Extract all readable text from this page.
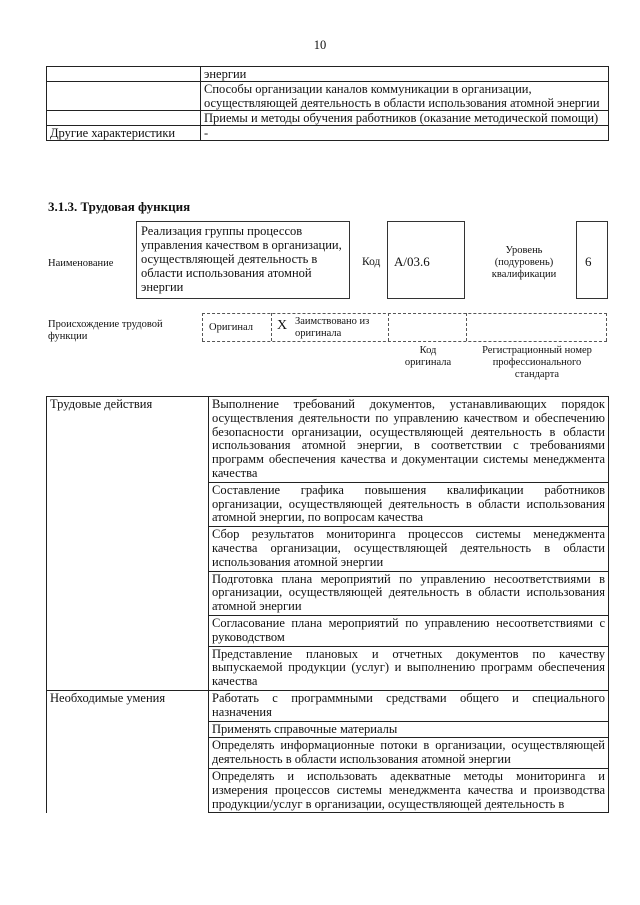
10
	энергии
	Способы организации каналов коммуникации в организации, осуществляющей деятельность в области использования атомной энергии
	Приемы и методы обучения работников (оказание методической помощи)
Другие характеристики	-
3.1.3. Трудовая функция
Наименование
Реализация группы процессов управления качеством в организации, осуществляющей деятельность в области использования атомной энергии
Код А/03.6
Уровень (подуровень) квалификации
6
Происхождение трудовой функции
Оригинал X Заимствовано из оригинала
Код оригинала
Регистрационный номер профессионального стандарта
Трудовые действия	Выполнение требований документов, устанавливающих порядок осуществления деятельности по управлению качеством и обеспечению безопасности организации, осуществляющей деятельность в области использования атомной энергии, в соответствии с требованиями программ обеспечения качества и документации системы менеджмента качества
	Составление графика повышения квалификации работников организации, осуществляющей деятельность в области использования атомной энергии, по вопросам качества
	Сбор результатов мониторинга процессов системы менеджмента качества организации, осуществляющей деятельность в области использования атомной энергии
	Подготовка плана мероприятий по управлению несоответствиями в организации, осуществляющей деятельность в области использования атомной энергии
	Согласование плана мероприятий по управлению несоответствиями с руководством
	Представление плановых и отчетных документов по качеству выпускаемой продукции (услуг) и выполнению программ обеспечения качества
Необходимые умения	Работать с программными средствами общего и специального назначения
	Применять справочные материалы
	Определять информационные потоки в организации, осуществляющей деятельность в области использования атомной энергии
	Определять и использовать адекватные методы мониторинга и измерения процессов системы менеджмента качества и производства продукции/услуг в организации, осуществляющей деятельность в
